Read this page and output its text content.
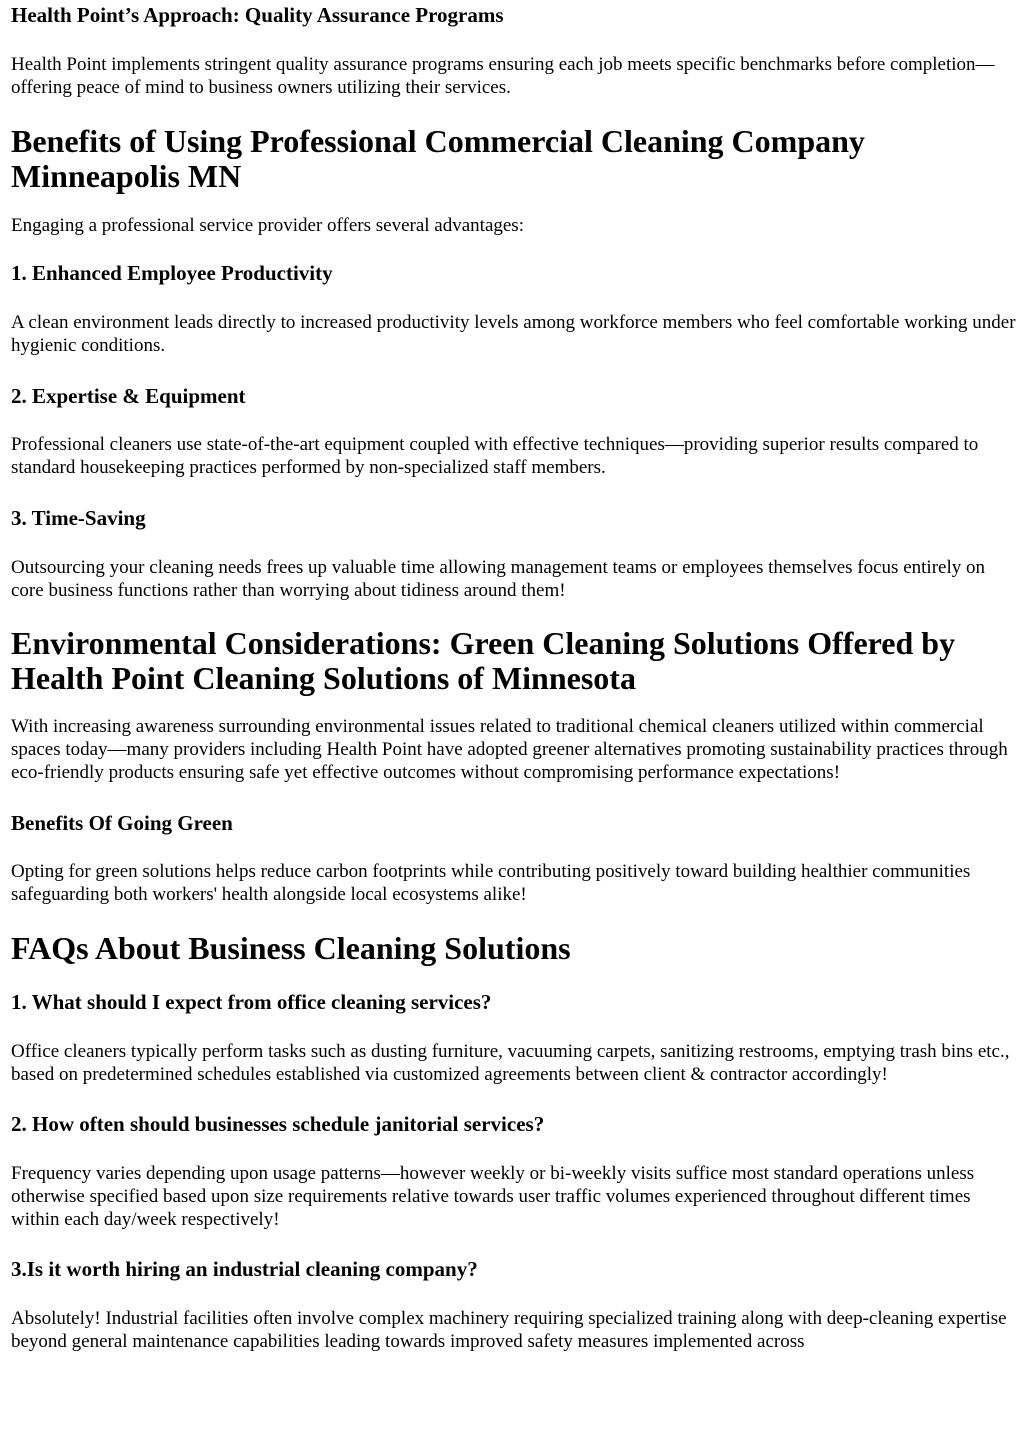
Health Point’s Approach: Quality Assurance Programs

Health Point implements stringent quality assurance programs ensuring each job meets specific benchmarks before completion—offering peace of mind to business owners utilizing their services.

Benefits of Using Professional Commercial Cleaning Company Minneapolis MN

Engaging a professional service provider offers several advantages:

1. Enhanced Employee Productivity

A clean environment leads directly to increased productivity levels among workforce members who feel comfortable working under hygienic conditions.

2. Expertise & Equipment

Professional cleaners use state-of-the-art equipment coupled with effective techniques—providing superior results compared to standard housekeeping practices performed by non-specialized staff members.

3. Time-Saving

Outsourcing your cleaning needs frees up valuable time allowing management teams or employees themselves focus entirely on core business functions rather than worrying about tidiness around them!

Environmental Considerations: Green Cleaning Solutions Offered by Health Point Cleaning Solutions of Minnesota

With increasing awareness surrounding environmental issues related to traditional chemical cleaners utilized within commercial spaces today—many providers including Health Point have adopted greener alternatives promoting sustainability practices through eco-friendly products ensuring safe yet effective outcomes without compromising performance expectations!

Benefits Of Going Green

Opting for green solutions helps reduce carbon footprints while contributing positively toward building healthier communities safeguarding both workers' health alongside local ecosystems alike!

FAQs About Business Cleaning Solutions
1. What should I expect from office cleaning services?

Office cleaners typically perform tasks such as dusting furniture, vacuuming carpets, sanitizing restrooms, emptying trash bins etc., based on predetermined schedules established via customized agreements between client & contractor accordingly!

2. How often should businesses schedule janitorial services?

Frequency varies depending upon usage patterns—however weekly or bi-weekly visits suffice most standard operations unless otherwise specified based upon size requirements relative towards user traffic volumes experienced throughout different times within each day/week respectively!

3.Is it worth hiring an industrial cleaning company?

Absolutely! Industrial facilities often involve complex machinery requiring specialized training along with deep-cleaning expertise beyond general maintenance capabilities leading towards improved safety measures implemented across
